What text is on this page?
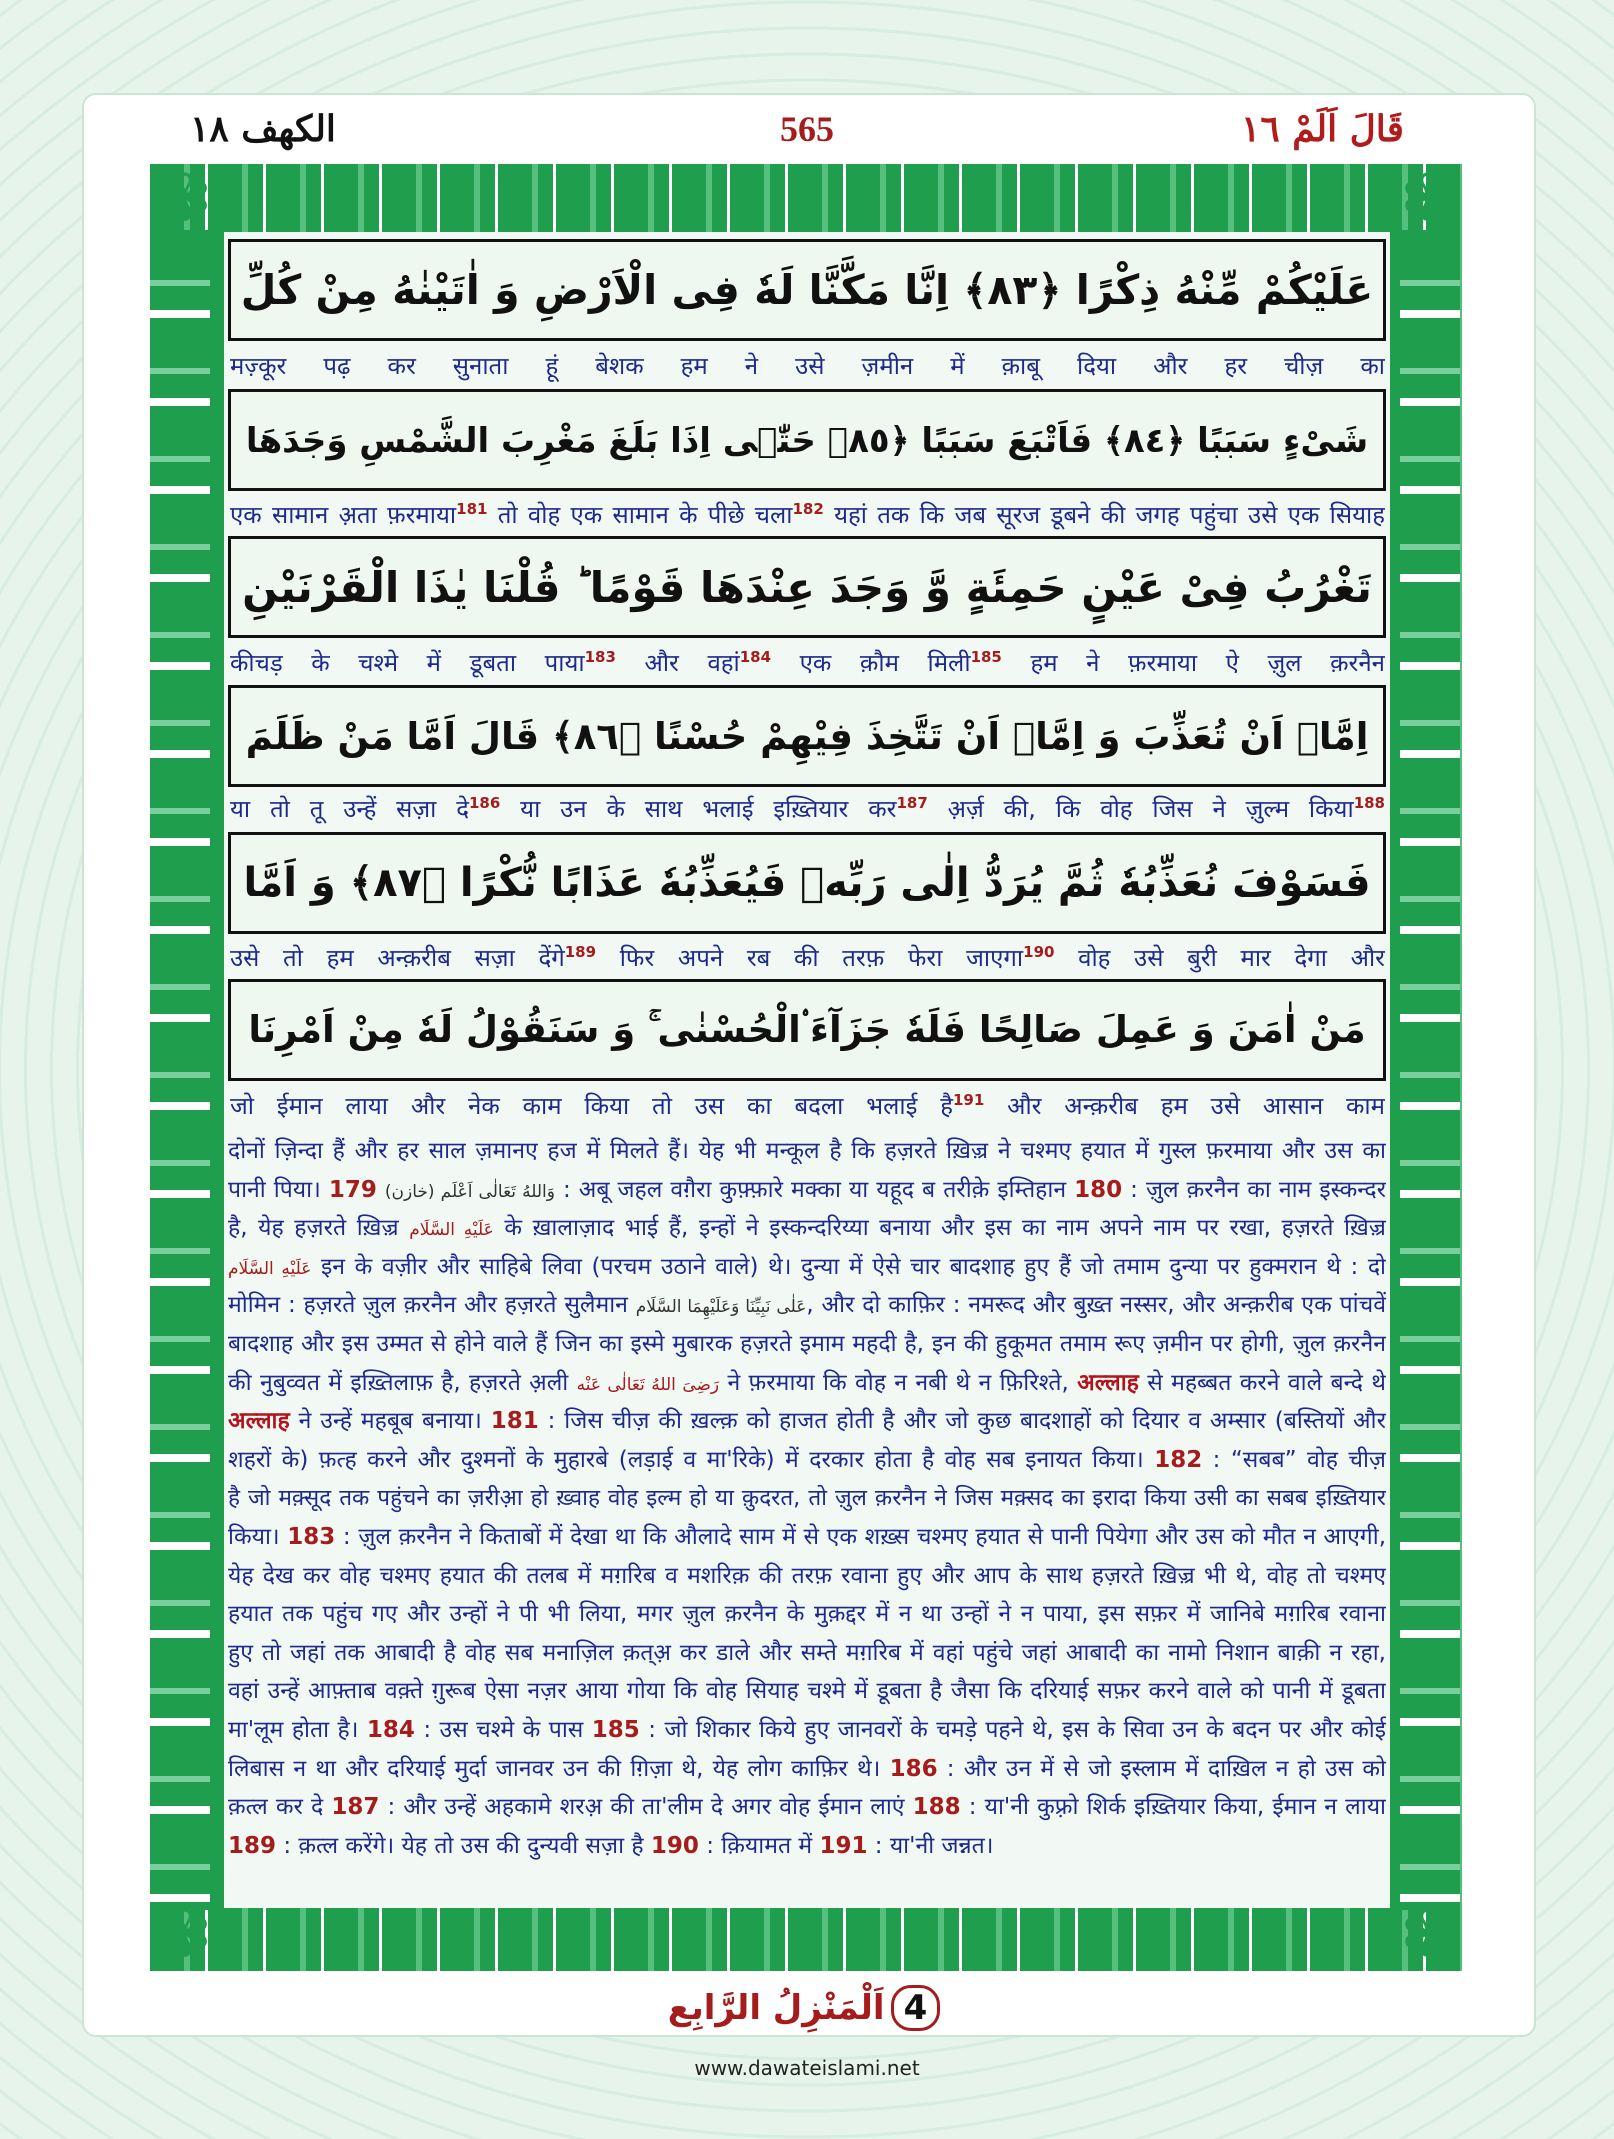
الكهف ١٨	565	قَالَ اَلَمْ ١٦
✾	✾
✾	✾
عَلَيْكُمْ مِّنْهُ ذِكْرًا ﴿٨٣﴾ اِنَّا مَكَّنَّا لَهٗ فِی الْاَرْضِ وَ اٰتَیْنٰهُ مِنْ كُلِّ
شَیْءٍ سَبَبًا ﴿٨٤﴾ فَاَتْبَعَ سَبَبًا ﴿٨٥﴾ حَتّٰۤى اِذَا بَلَغَ مَغْرِبَ الشَّمْسِ وَجَدَهَا
تَغْرُبُ فِیْ عَیْنٍ حَمِئَةٍ وَّ وَجَدَ عِنْدَهَا قَوْمًا ؕ قُلْنَا یٰذَا الْقَرْنَیْنِ
اِمَّاۤ اَنْ تُعَذِّبَ وَ اِمَّاۤ اَنْ تَتَّخِذَ فِیْهِمْ حُسْنًا ﴿٨٦﴾ قَالَ اَمَّا مَنْ ظَلَمَ
فَسَوْفَ نُعَذِّبُهٗ ثُمَّ یُرَدُّ اِلٰى رَبِّهٖ فَیُعَذِّبُهٗ عَذَابًا نُّكْرًا ﴿٨٧﴾ وَ اَمَّا
مَنْ اٰمَنَ وَ عَمِلَ صَالِحًا فَلَهٗ جَزَآءَ ۟الْحُسْنٰى ۚ وَ سَنَقُوْلُ لَهٗ مِنْ اَمْرِنَا
मज़्कूर पढ़ कर सुनाता हूं बेशक हम ने उसे ज़मीन में क़ाबू दिया और हर चीज़ का
एक सामान अ़ता फ़रमाया$^{181}$ तो वोह एक सामान के पीछे चला$^{182}$ यहां तक कि जब सूरज डूबने की जगह पहुंचा उसे एक सियाह
कीचड़ के चश्मे में डूबता पाया$^{183}$ और वहां$^{184}$ एक क़ौम मिली$^{185}$ हम ने फ़रमाया ऐ ज़ुल क़रनैन
या तो तू उन्हें सज़ा दे$^{186}$ या उन के साथ भलाई इख़्तियार कर$^{187}$ अ़र्ज़ की, कि वोह जिस ने ज़ुल्म किया$^{188}$
उसे तो हम अन्क़रीब सज़ा देंगे$^{189}$ फिर अपने रब की तरफ़ फेरा जाएगा$^{190}$ वोह उसे बुरी मार देगा और
जो ईमान लाया और नेक काम किया तो उस का बदला भलाई है$^{191}$ और अन्क़रीब हम उसे आसान काम
दोनों ज़िन्दा हैं और हर साल ज़मानए हज में मिलते हैं। येह भी मन्कूल है कि हज़रते ख़िज़्र ने चश्मए हयात में गुस्ल फ़रमाया और उस का
पानी पिया।	وَاللهُ تَعَالٰى اَعْلَم (خازن) 179	: अबू जहल वग़ैरा कुफ़्फ़ारे मक्का या यहूद ब तरीक़े इम्तिहान 180 : ज़ुल क़रनैन का नाम इस्कन्दर
है, येह हज़रते ख़िज़्र عَلَيْهِ السَّلَام के ख़ालाज़ाद भाई हैं, इन्हों ने इस्कन्दरिय्या बनाया और इस का नाम अपने नाम पर रखा, हज़रते ख़िज़्र
عَلَيْهِ السَّلَام इन के वज़ीर और साहिबे लिवा (परचम उठाने वाले) थे। दुन्या में ऐसे चार बादशाह हुए हैं जो तमाम दुन्या पर हुक्मरान थे : दो
मोमिन : हज़रते ज़ुल क़रनैन और हज़रते सुलैमान عَلٰی نَبِیِّنَا وَعَلَیْهِمَا السَّلَام, और दो काफ़िर : नमरूद और बुख़्त नस्सर, और अन्क़रीब एक पांचवें
बादशाह और इस उम्मत से होने वाले हैं जिन का इस्मे मुबारक हज़रते इमाम महदी है, इन की हुकूमत तमाम रूए ज़मीन पर होगी, ज़ुल क़रनैन
की नुबुव्वत में इख़्तिलाफ़ है, हज़रते अ़ली رَضِیَ اللهُ تَعَالٰی عَنْه ने फ़रमाया कि वोह न नबी थे न फ़िरिश्ते, अल्लाह से महब्बत करने वाले बन्दे थे
अल्लाह ने उन्हें महबूब बनाया। 181 : जिस चीज़ की ख़ल्क़ को हाजत होती है और जो कुछ बादशाहों को दियार व अम्सार (बस्तियों और
शहरों के) फ़त्ह करने और दुश्मनों के मुहारबे (लड़ाई व मा'रिके) में दरकार होता है वोह सब इनायत किया। 182 : “सबब” वोह चीज़
है जो मक़्सूद तक पहुंचने का ज़रीआ़ हो ख़्वाह वोह इल्म हो या क़ुदरत, तो ज़ुल क़रनैन ने जिस मक़्सद का इरादा किया उसी का सबब इख़्तियार
किया। 183 : ज़ुल क़रनैन ने किताबों में देखा था कि औलादे साम में से एक शख़्स चश्मए हयात से पानी पियेगा और उस को मौत न आएगी,
येह देख कर वोह चश्मए हयात की तलब में मग़रिब व मशरिक़ की तरफ़ रवाना हुए और आप के साथ हज़रते ख़िज़्र भी थे, वोह तो चश्मए
हयात तक पहुंच गए और उन्हों ने पी भी लिया, मगर ज़ुल क़रनैन के मुक़द्दर में न था उन्हों ने न पाया, इस सफ़र में जानिबे मग़रिब रवाना
हुए तो जहां तक आबादी है वोह सब मनाज़िल क़त्अ़ कर डाले और सम्ते मग़रिब में वहां पहुंचे जहां आबादी का नामो निशान बाक़ी न रहा,
वहां उन्हें आफ़्ताब वक़्ते ग़ुरूब ऐसा नज़र आया गोया कि वोह सियाह चश्मे में डूबता है जैसा कि दरियाई सफ़र करने वाले को पानी में डूबता
मा'लूम होता है। 184 : उस चश्मे के पास 185 : जो शिकार किये हुए जानवरों के चमड़े पहने थे, इस के सिवा उन के बदन पर और कोई
लिबास न था और दरियाई मुर्दा जानवर उन की ग़िज़ा थे, येह लोग काफ़िर थे। 186 : और उन में से जो इस्लाम में दाख़िल न हो उस को
क़त्ल कर दे 187 : और उन्हें अहकामे शरअ़ की ता'लीम दे अगर वोह ईमान लाएं 188 : या'नी कुफ़्रो शिर्क इख़्तियार किया, ईमान न लाया
189 : क़त्ल करेंगे। येह तो उस की दुन्यवी सज़ा है 190 : क़ियामत में 191 : या'नी जन्नत।
اَلْمَنْزِلُ الرَّابِع 4
www.dawateislami.net
